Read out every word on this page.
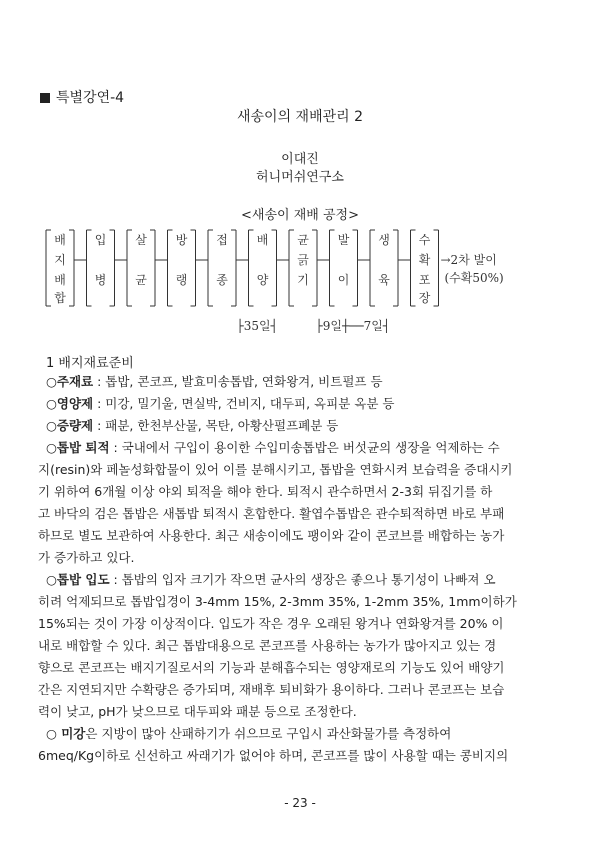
특별강연-4
새송이의 재배관리 2
이대진
허니머쉬연구소
<새송이 재배 공정>
배
지
배
합
입
병
살
균
방
랭
접
종
배
양
균
긁
기
발
이
생
육
수
확
포
장
→2차 발이
(수확50%)
├35일┤	├9일┼──7일┤
1 배지재료준비
○주재료 : 톱밥, 콘코프, 발효미송톱밥, 연화왕겨, 비트펄프 등
○영양제 : 미강, 밀기울, 면실박, 건비지, 대두피, 옥피분 옥분 등
○증량제 : 패분, 한천부산물, 목탄, 아황산펄프폐분 등
○톱밥 퇴적 : 국내에서 구입이 용이한 수입미송톱밥은 버섯균의 생장을 억제하는 수
지(resin)와 페놀성화합물이 있어 이를 분해시키고, 톱밥을 연화시켜 보습력을 증대시키
기 위하여 6개월 이상 야외 퇴적을 해야 한다. 퇴적시 관수하면서 2-3회 뒤집기를 하
고 바닥의 검은 톱밥은 새톱밥 퇴적시 혼합한다. 활엽수톱밥은 관수퇴적하면 바로 부패
하므로 별도 보관하여 사용한다. 최근 새송이에도 팽이와 같이 콘코브를 배합하는 농가
가 증가하고 있다.
○톱밥 입도 : 톱밥의 입자 크기가 작으면 균사의 생장은 좋으나 통기성이 나빠져 오
히려 억제되므로 톱밥입경이 3-4mm 15%, 2-3mm 35%, 1-2mm 35%, 1mm이하가
15%되는 것이 가장 이상적이다. 입도가 작은 경우 오래된 왕겨나 연화왕겨를 20% 이
내로 배합할 수 있다. 최근 톱밥대용으로 콘코프를 사용하는 농가가 많아지고 있는 경
향으로 콘코프는 배지기질로서의 기능과 분해흡수되는 영양재로의 기능도 있어 배양기
간은 지연되지만 수확량은 증가되며, 재배후 퇴비화가 용이하다. 그러나 콘코프는 보습
력이 낮고, pH가 낮으므로 대두피와 패분 등으로 조정한다.
○ 미강은 지방이 많아 산패하기가 쉬으므로 구입시 과산화물가를 측정하여
6meq/Kg이하로 신선하고 싸래기가 없어야 하며, 콘코프를 많이 사용할 때는 콩비지의
- 23 -
